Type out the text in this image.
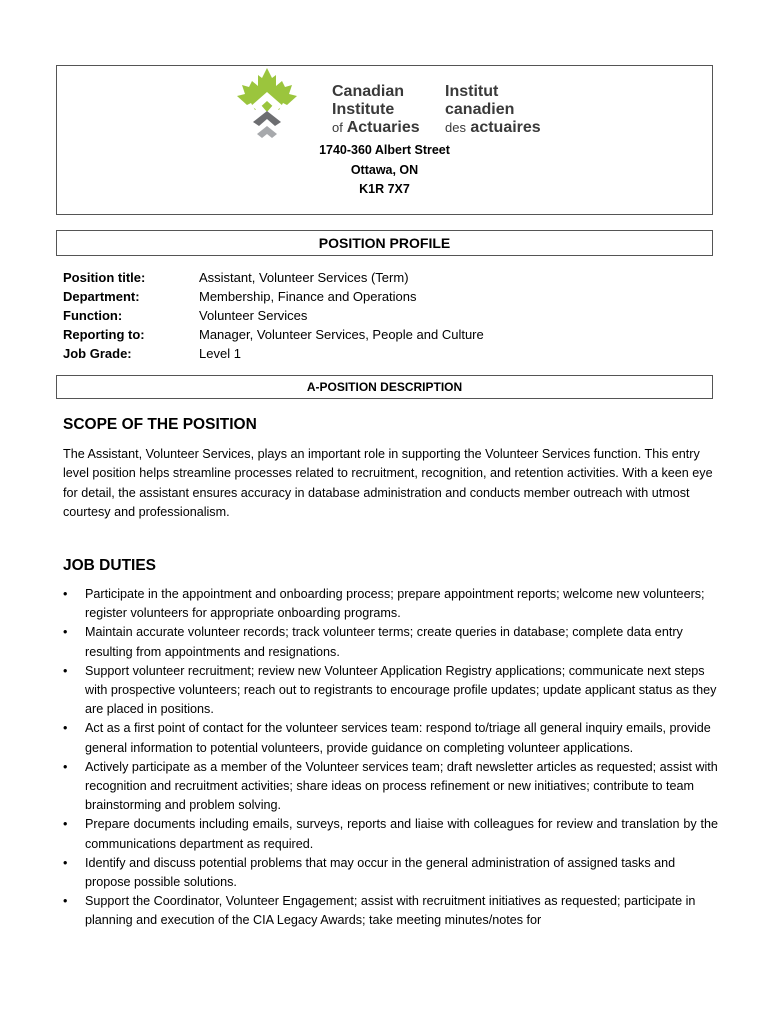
Canadian
Institute
of Actuaries
Institut
canadien
des actuaires
1740-360 Albert Street
Ottawa, ON
K1R 7X7
POSITION PROFILE
Position title:	Assistant, Volunteer Services (Term)
Department:	Membership, Finance and Operations
Function:	Volunteer Services
Reporting to:	Manager, Volunteer Services, People and Culture
Job Grade:	Level 1
A-POSITION DESCRIPTION
SCOPE OF THE POSITION
The Assistant, Volunteer Services, plays an important role in supporting the Volunteer Services function. This entry level position helps streamline processes related to recruitment, recognition, and retention activities. With a keen eye for detail, the assistant ensures accuracy in database administration and conducts member outreach with utmost courtesy and professionalism.
JOB DUTIES
• Participate in the appointment and onboarding process; prepare appointment reports; welcome new volunteers; register volunteers for appropriate onboarding programs.
• Maintain accurate volunteer records; track volunteer terms; create queries in database; complete data entry resulting from appointments and resignations.
• Support volunteer recruitment; review new Volunteer Application Registry applications; communicate next steps with prospective volunteers; reach out to registrants to encourage profile updates; update applicant status as they are placed in positions.
• Act as a first point of contact for the volunteer services team: respond to/triage all general inquiry emails, provide general information to potential volunteers, provide guidance on completing volunteer applications.
• Actively participate as a member of the Volunteer services team; draft newsletter articles as requested; assist with recognition and recruitment activities; share ideas on process refinement or new initiatives; contribute to team brainstorming and problem solving.
• Prepare documents including emails, surveys, reports and liaise with colleagues for review and translation by the communications department as required.
• Identify and discuss potential problems that may occur in the general administration of assigned tasks and propose possible solutions.
• Support the Coordinator, Volunteer Engagement; assist with recruitment initiatives as requested; participate in planning and execution of the CIA Legacy Awards; take meeting minutes/notes for
